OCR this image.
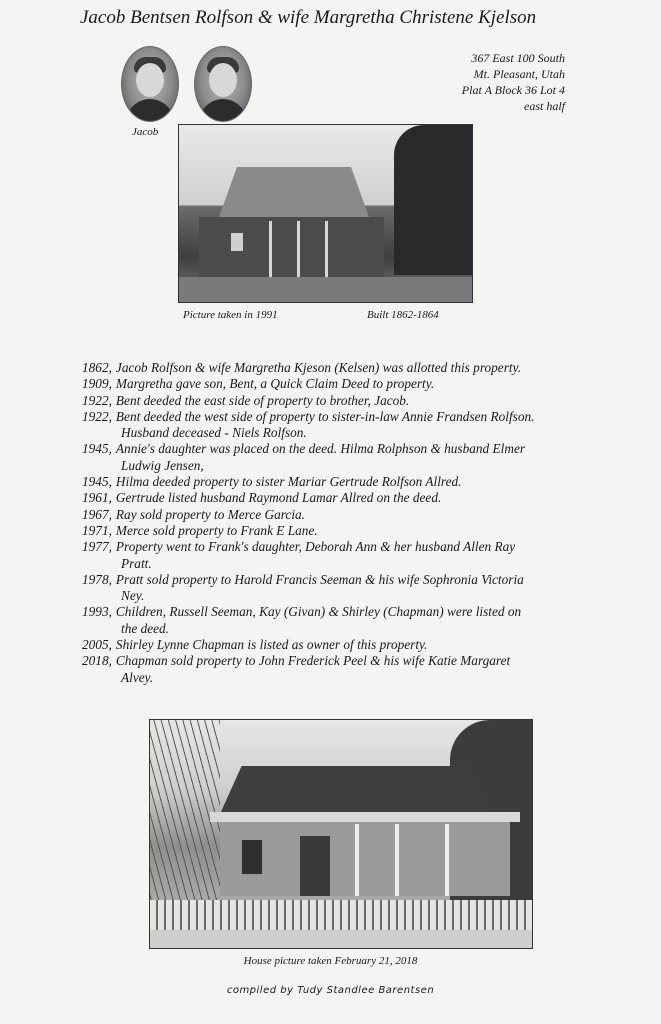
Jacob Bentsen Rolfson & wife Margretha Christene Kjelson
Jacob
367 East 100 South
Mt. Pleasant, Utah
Plat A Block 36 Lot 4
east half
Picture taken in 1991	Built 1862-1864
1862, Jacob Rolfson & wife Margretha Kjeson (Kelsen) was allotted this property.
1909, Margretha gave son, Bent, a Quick Claim Deed to property.
1922, Bent deeded the east side of property to brother, Jacob.
1922, Bent deeded the west side of property to sister-in-law Annie Frandsen Rolfson.
Husband deceased - Niels Rolfson.
1945, Annie's daughter was placed on the deed. Hilma Rolphson & husband Elmer
Ludwig Jensen,
1945, Hilma deeded property to sister Mariar Gertrude Rolfson Allred.
1961, Gertrude listed husband Raymond Lamar Allred on the deed.
1967, Ray sold property to Merce Garcia.
1971, Merce sold property to Frank E Lane.
1977, Property went to Frank's daughter, Deborah Ann & her husband Allen Ray
Pratt.
1978, Pratt sold property to Harold Francis Seeman & his wife Sophronia Victoria
Ney.
1993, Children, Russell Seeman, Kay (Givan) & Shirley (Chapman) were listed on
the deed.
2005, Shirley Lynne Chapman is listed as owner of this property.
2018, Chapman sold property to John Frederick Peel & his wife Katie Margaret
Alvey.
House picture taken February 21, 2018
compiled by Tudy Standlee Barentsen
